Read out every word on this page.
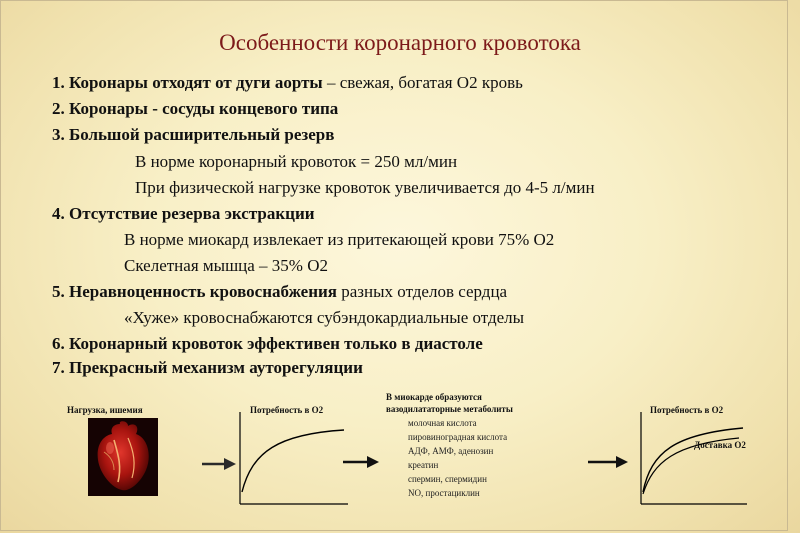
Особенности коронарного кровотока
1. Коронары отходят от дуги аорты – свежая, богатая О2 кровь
2. Коронары - сосуды концевого типа
3. Большой расширительный резерв
В норме коронарный кровоток = 250 мл/мин
При физической нагрузке кровоток увеличивается до 4-5 л/мин
4. Отсутствие резерва экстракции
В норме миокард извлекает из притекающей крови 75% О2
Скелетная мышца – 35% О2
5. Неравноценность кровоснабжения разных отделов сердца
«Хуже» кровоснабжаются субэндокардиальные отделы
6. Коронарный кровоток эффективен только в диастоле
7. Прекрасный механизм ауторегуляции
Нагрузка, ишемия	Потребность в О2
В миокарде образуются
вазодилататорные метаболиты
молочная кислота
пировиноградная кислота
АДФ, АМФ, аденозин
креатин
спермин, спермидин
NO, простациклин
Потребность в О2
Доставка О2
